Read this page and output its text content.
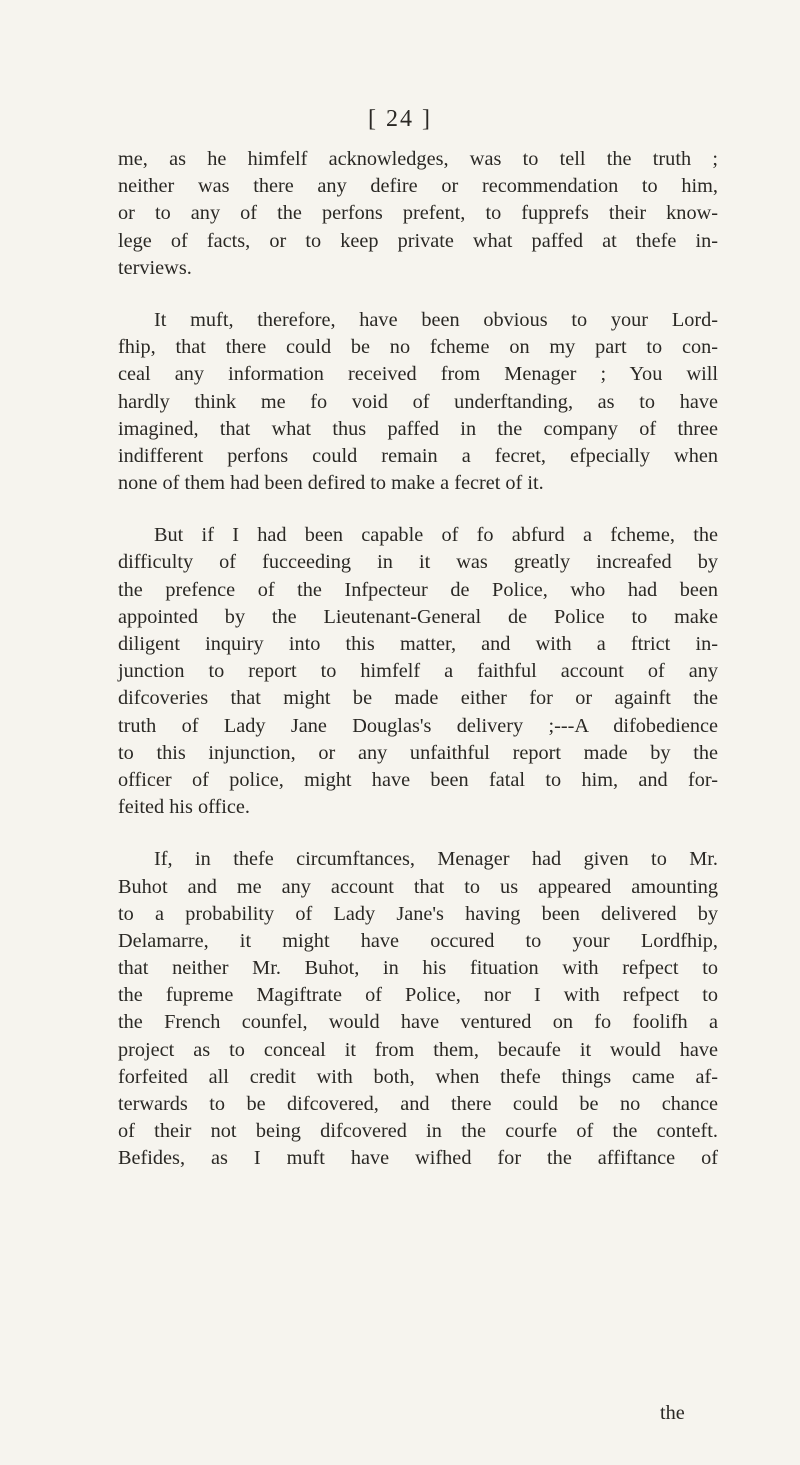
[ 24 ]
me, as he himfelf acknowledges, was to tell the truth ;
neither was there any defire or recommendation to him,
or to any of the perfons prefent, to fupprefs their know-
lege of facts, or to keep private what paffed at thefe in-
terviews.
It muft, therefore, have been obvious to your Lord-
fhip, that there could be no fcheme on my part to con-
ceal any information received from Menager ; You will
hardly think me fo void of underftanding, as to have
imagined, that what thus paffed in the company of three
indifferent perfons could remain a fecret, efpecially when
none of them had been defired to make a fecret of it.
But if I had been capable of fo abfurd a fcheme, the
difficulty of fucceeding in it was greatly increafed by
the prefence of the Infpecteur de Police, who had been
appointed by the Lieutenant-General de Police to make
diligent inquiry into this matter, and with a ftrict in-
junction to report to himfelf a faithful account of any
difcoveries that might be made either for or againft the
truth of Lady Jane Douglas's delivery ;---A difobedience
to this injunction, or any unfaithful report made by the
officer of police, might have been fatal to him, and for-
feited his office.
If, in thefe circumftances, Menager had given to Mr.
Buhot and me any account that to us appeared amounting
to a probability of Lady Jane's having been delivered by
Delamarre, it might have occured to your Lordfhip,
that neither Mr. Buhot, in his fituation with refpect to
the fupreme Magiftrate of Police, nor I with refpect to
the French counfel, would have ventured on fo foolifh a
project as to conceal it from them, becaufe it would have
forfeited all credit with both, when thefe things came af-
terwards to be difcovered, and there could be no chance
of their not being difcovered in the courfe of the conteft.
Befides, as I muft have wifhed for the affiftance of
the
